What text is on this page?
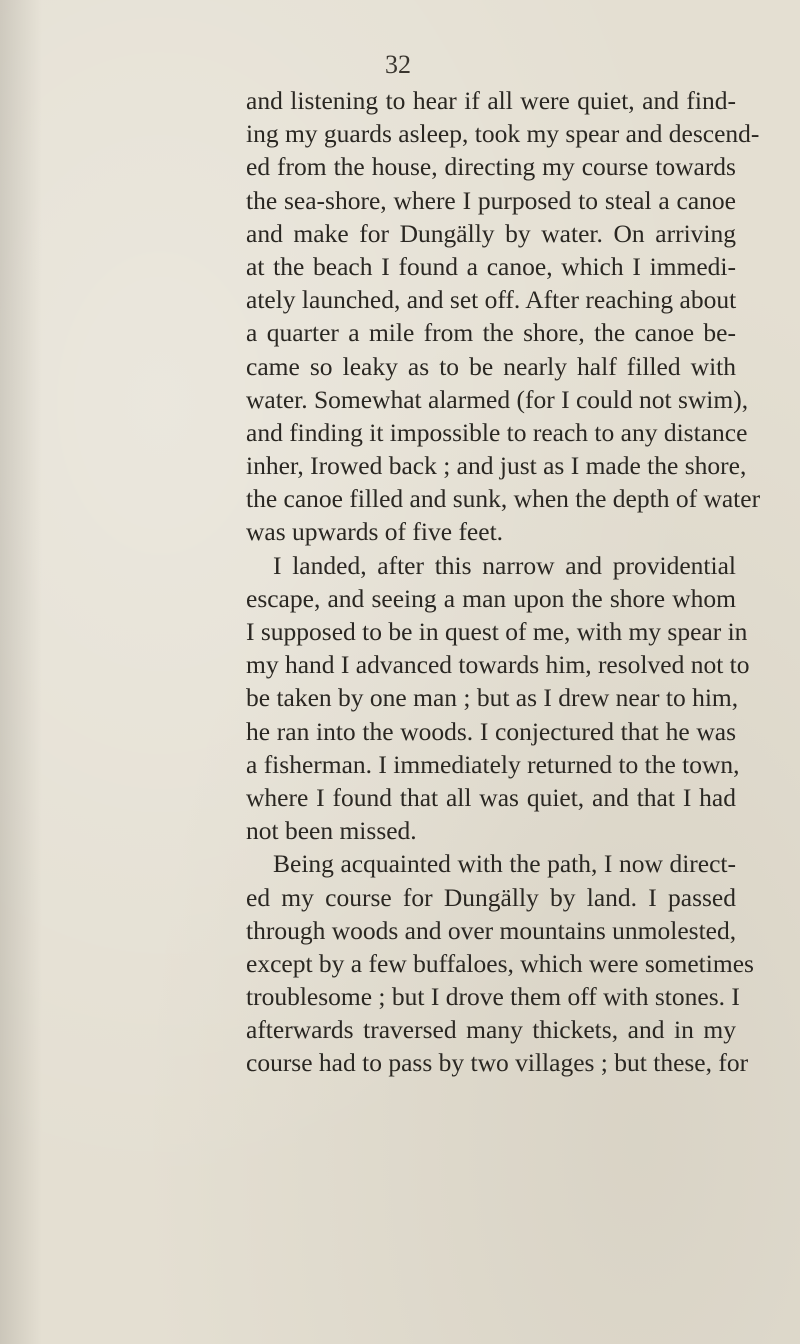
32
and listening to hear if all were quiet, and find-
ing my guards asleep, took my spear and descend-
ed from the house, directing my course towards
the sea-shore, where I purposed to steal a canoe
and make for Dungälly by water. On arriving
at the beach I found a canoe, which I immedi-
ately launched, and set off. After reaching about
a quarter a mile from the shore, the canoe be-
came so leaky as to be nearly half filled with
water. Somewhat alarmed (for I could not swim),
and finding it impossible to reach to any distance
inher, Irowed back ; and just as I made the shore,
the canoe filled and sunk, when the depth of water
was upwards of five feet.
I landed, after this narrow and providential
escape, and seeing a man upon the shore whom
I supposed to be in quest of me, with my spear in
my hand I advanced towards him, resolved not to
be taken by one man ; but as I drew near to him,
he ran into the woods. I conjectured that he was
a fisherman. I immediately returned to the town,
where I found that all was quiet, and that I had
not been missed.
Being acquainted with the path, I now direct-
ed my course for Dungälly by land. I passed
through woods and over mountains unmolested,
except by a few buffaloes, which were sometimes
troublesome ; but I drove them off with stones. I
afterwards traversed many thickets, and in my
course had to pass by two villages ; but these, for
